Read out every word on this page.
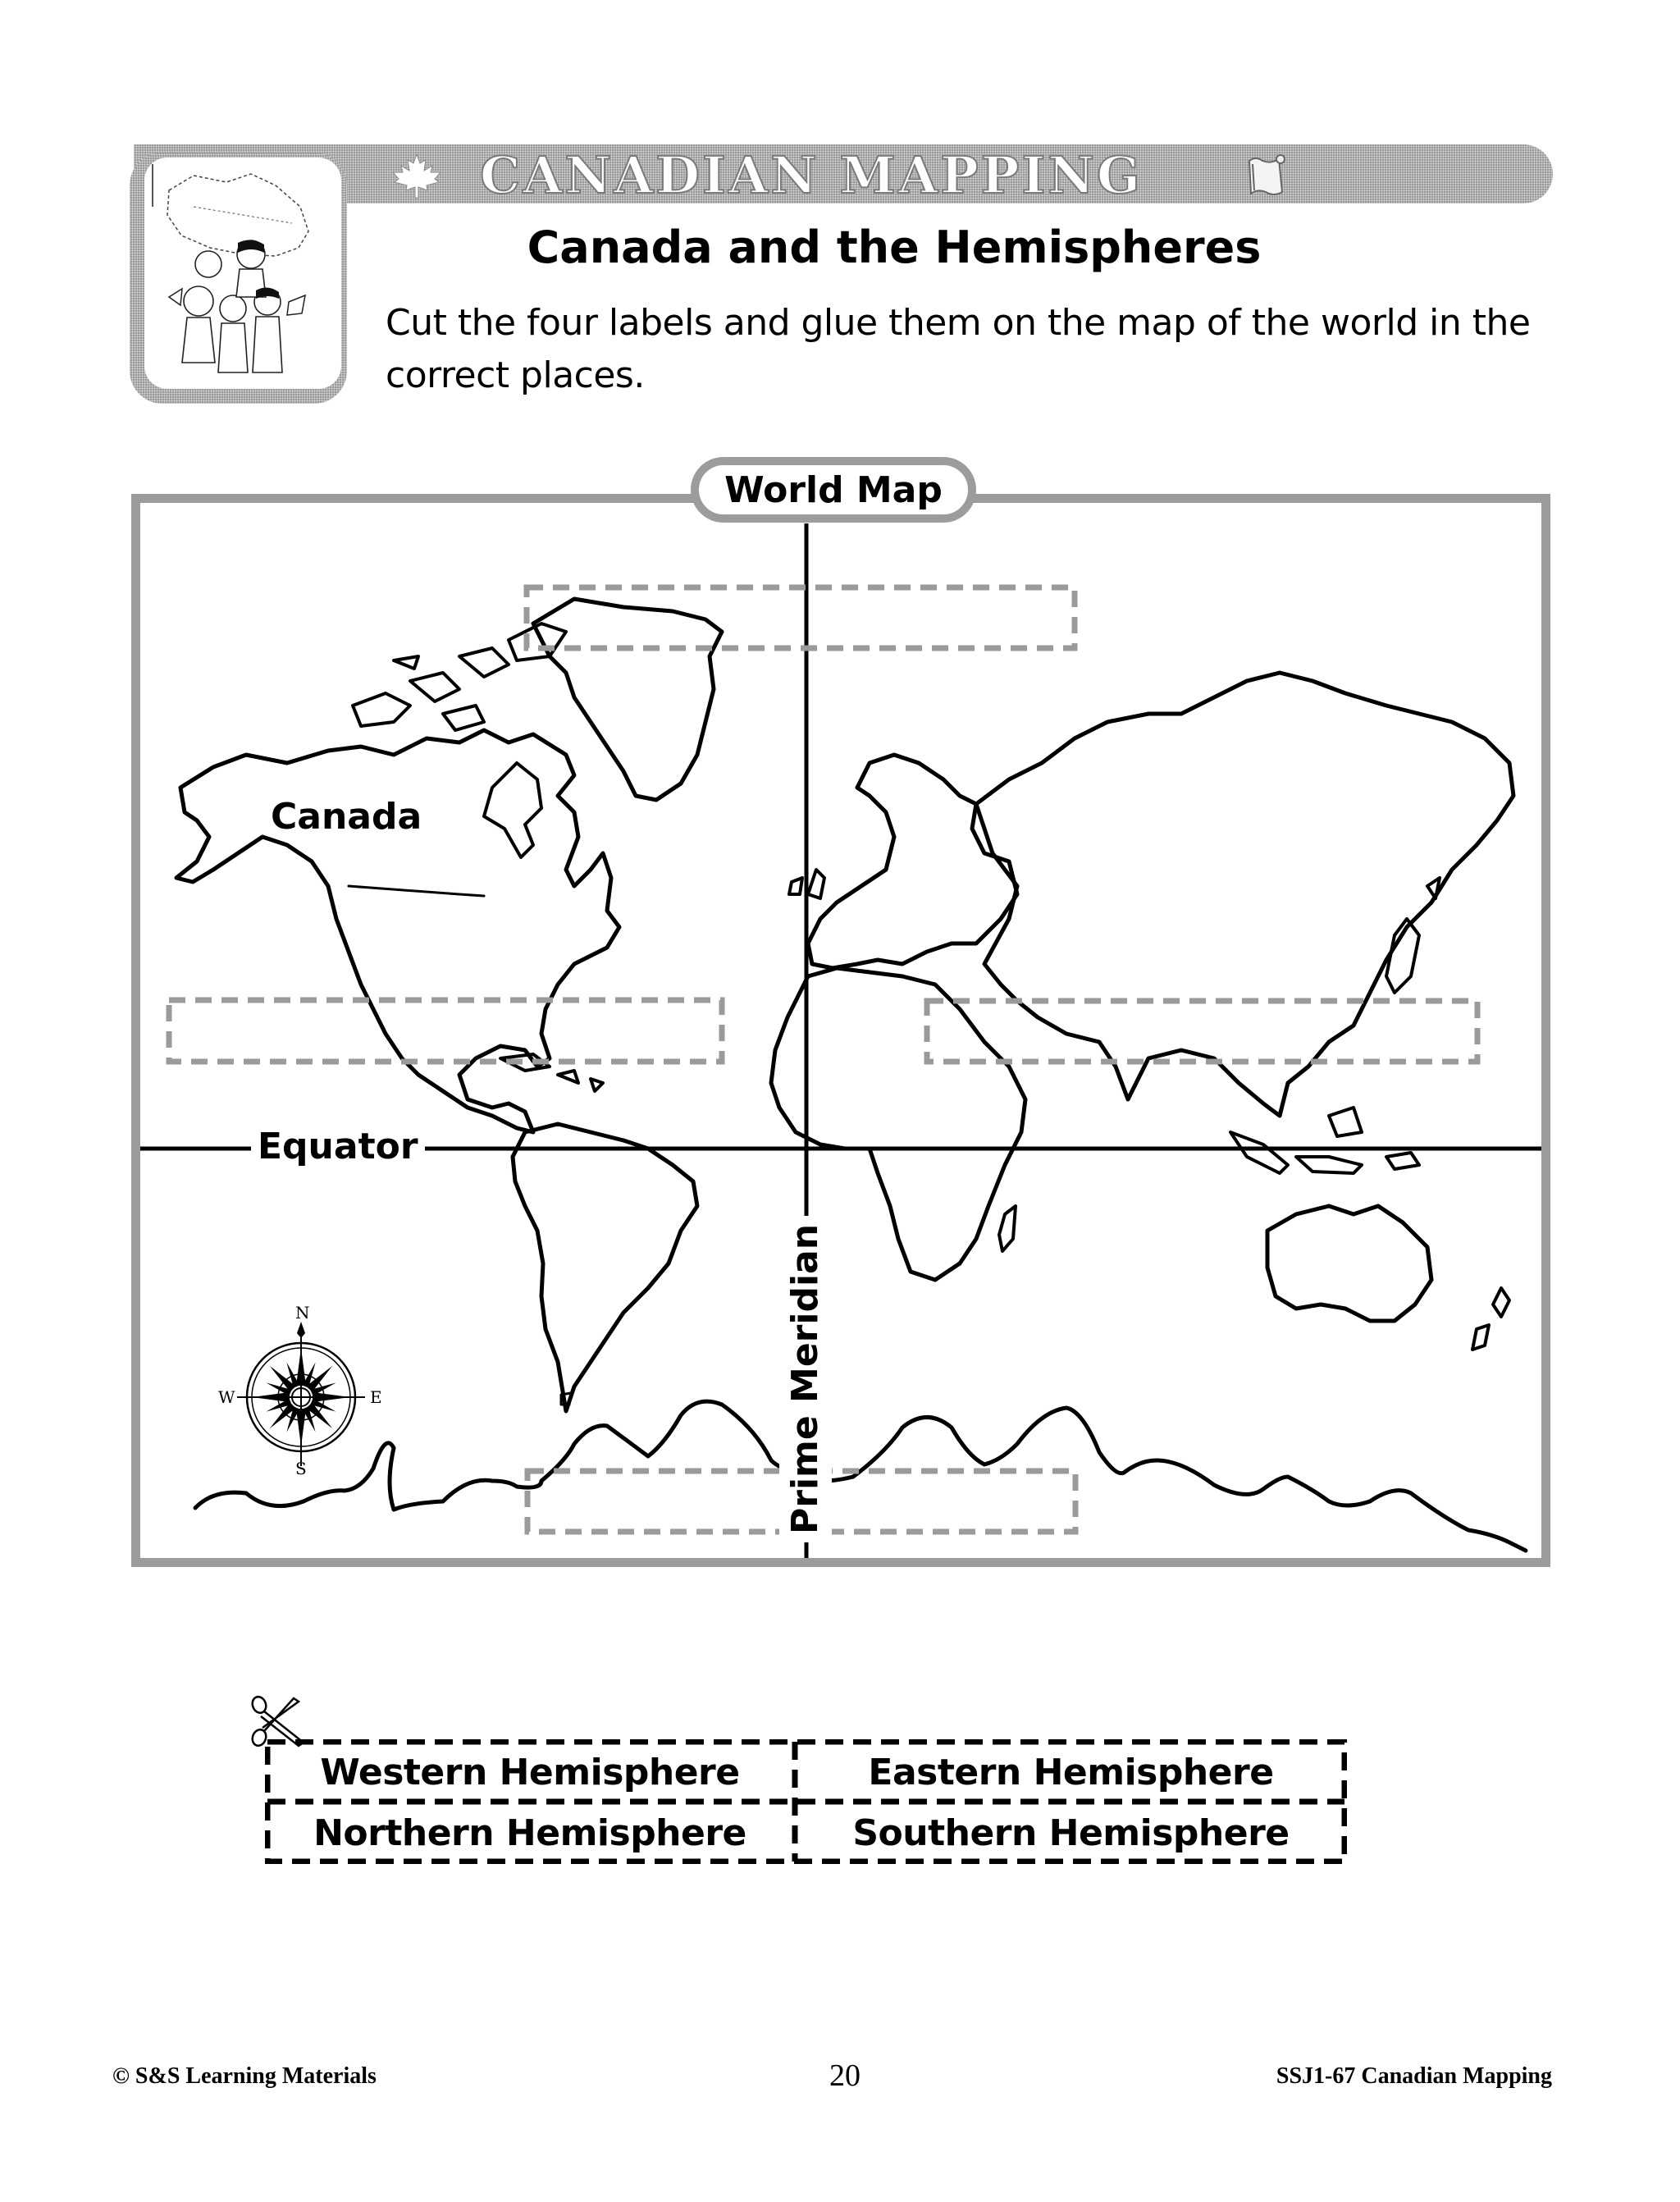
CANADIAN MAPPING
Canada and the Hemispheres
Cut the four labels and glue them on the map of the world in the correct places.
N
S
W	E
World Map
Canada
Equator
Prime Meridian
Western Hemisphere	Eastern Hemisphere
Northern Hemisphere	Southern Hemisphere
© S&S Learning Materials	20	SSJ1-67 Canadian Mapping
